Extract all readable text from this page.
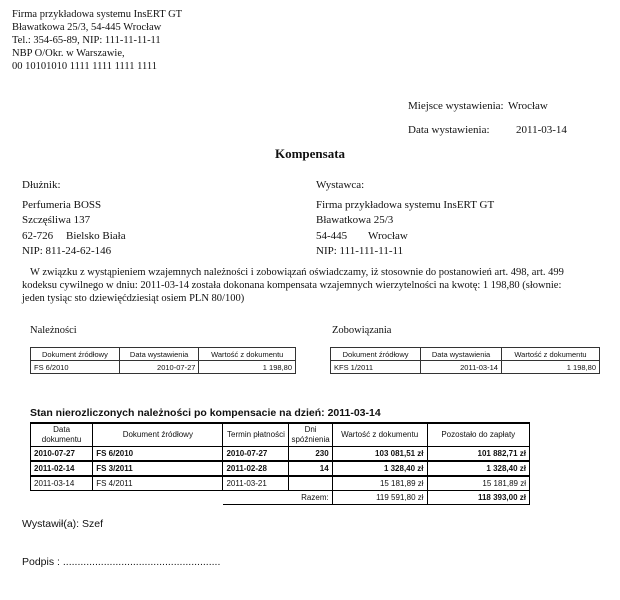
Firma przykładowa systemu InsERT GT
Bławatkowa 25/3, 54-445 Wrocław
Tel.: 354-65-89, NIP: 111-11-11-11
NBP O/Okr. w Warszawie,
00 10101010 1111 1111 1111 1111
Miejsce wystawienia: Wrocław
Data wystawienia: 2011-03-14
Kompensata
Dłużnik:
Perfumeria BOSS
Szczęśliwa 137
62-726 Bielsko Biała
NIP: 811-24-62-146
Wystawca:
Firma przykładowa systemu InsERT GT
Bławatkowa 25/3
54-445 Wrocław
NIP: 111-111-11-11
W związku z wystąpieniem wzajemnych należności i zobowiązań oświadczamy, iż stosownie do postanowień art. 498, art. 499
kodeksu cywilnego w dniu: 2011-03-14 została dokonana kompensata wzajemnych wierzytelności na kwotę: 1 198,80 (słownie:
jeden tysiąc sto dziewięćdziesiąt osiem PLN 80/100)
Należności
Dokument źródłowy	Data wystawienia	Wartość z dokumentu
FS 6/2010	2010-07-27	1 198,80
Zobowiązania
Dokument źródłowy	Data wystawienia	Wartość z dokumentu
KFS 1/2011	2011-03-14	1 198,80
Stan nierozliczonych należności po kompensacie na dzień: 2011-03-14
Data dokumentu	Dokument źródłowy	Termin płatności	Dni spóźnienia	Wartość z dokumentu	Pozostało do zapłaty
2010-07-27	FS 6/2010	2010-07-27	230	103 081,51 zł	101 882,71 zł
2011-02-14	FS 3/2011	2011-02-28	14	1 328,40 zł	1 328,40 zł
2011-03-14	FS 4/2011	2011-03-21		15 181,89 zł	15 181,89 zł
		Razem:		119 591,80 zł	118 393,00 zł
Wystawił(a): Szef
Podpis : ......................................................
